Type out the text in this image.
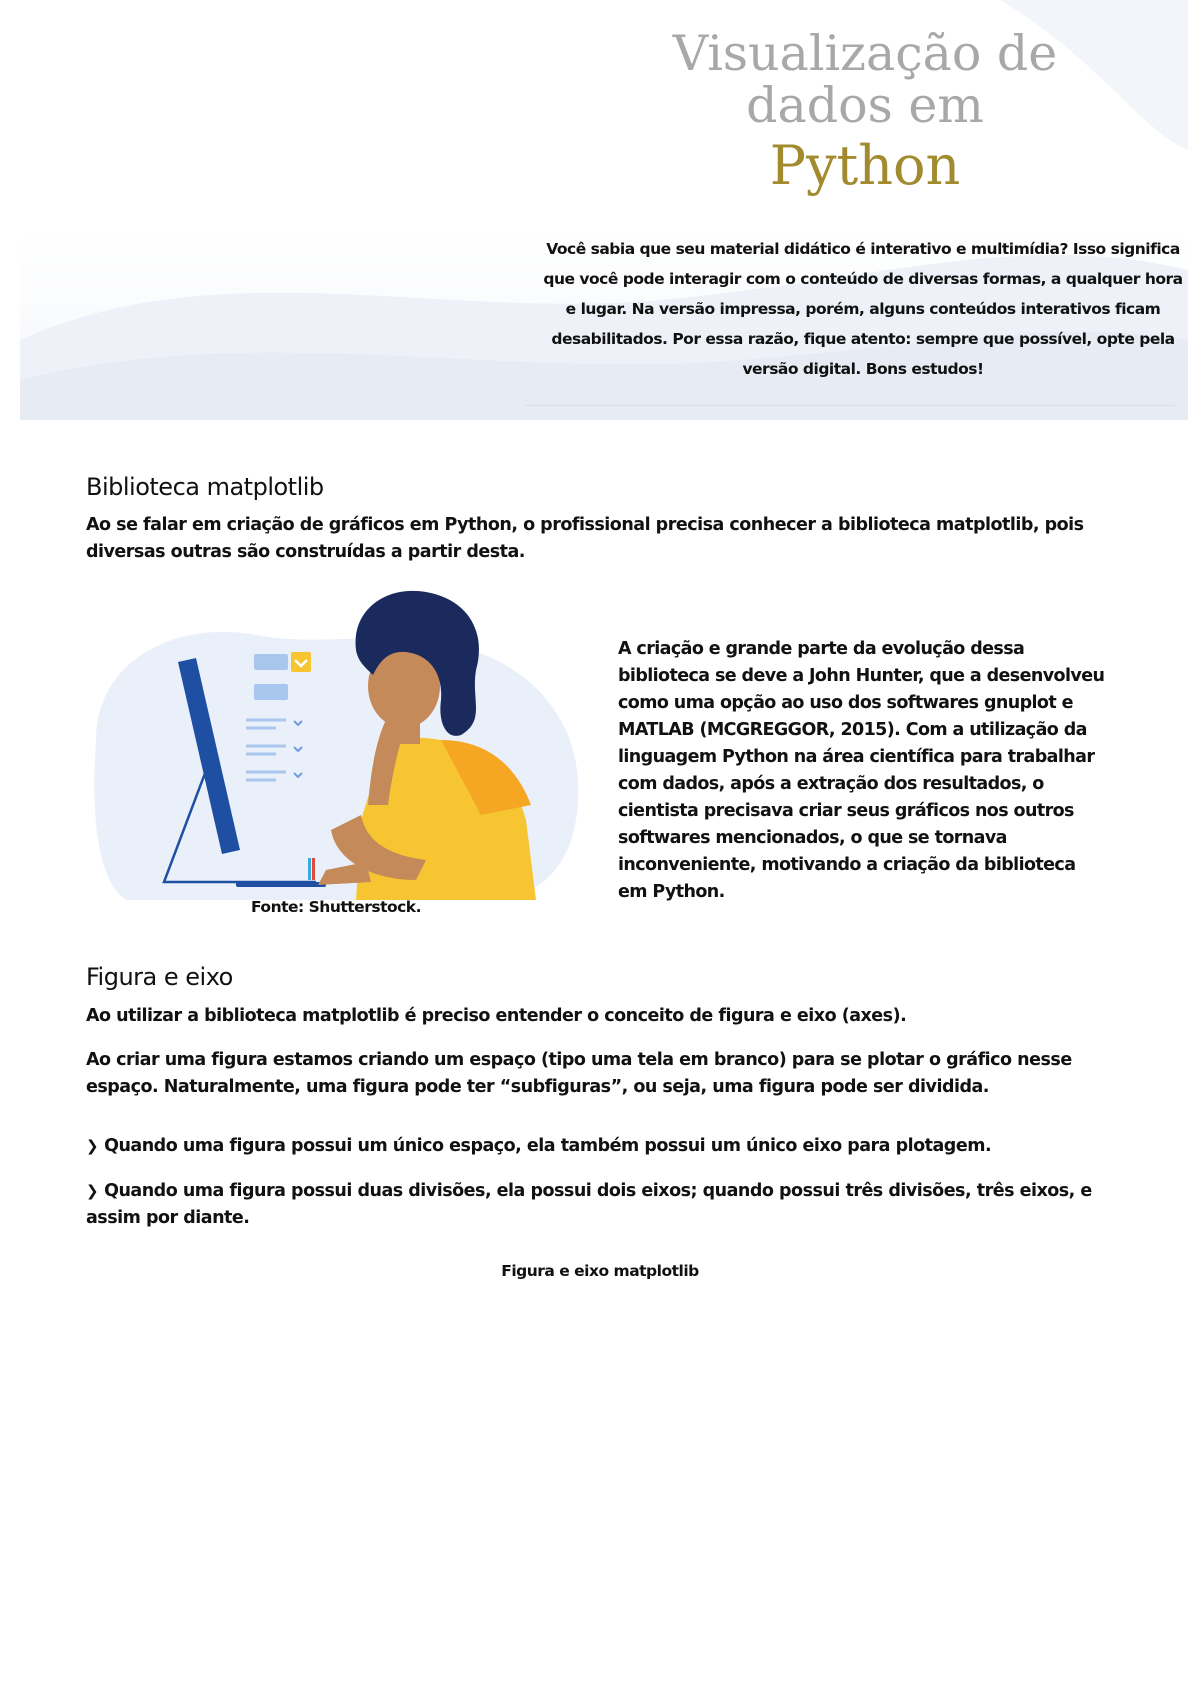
Visualização de
dados em
Python

Você sabia que seu material didático é interativo e multimídia? Isso significa que você pode interagir com o conteúdo de diversas formas, a qualquer hora e lugar. Na versão impressa, porém, alguns conteúdos interativos ficam desabilitados. Por essa razão, fique atento: sempre que possível, opte pela versão digital. Bons estudos!

Biblioteca matplotlib

Ao se falar em criação de gráficos em Python, o profissional precisa conhecer a biblioteca matplotlib, pois diversas outras são construídas a partir desta.

Fonte: Shutterstock.

A criação e grande parte da evolução dessa biblioteca se deve a John Hunter, que a desenvolveu como uma opção ao uso dos softwares gnuplot e MATLAB (MCGREGGOR, 2015). Com a utilização da linguagem Python na área científica para trabalhar com dados, após a extração dos resultados, o cientista precisava criar seus gráficos nos outros softwares mencionados, o que se tornava inconveniente, motivando a criação da biblioteca em Python.

Figura e eixo

Ao utilizar a biblioteca matplotlib é preciso entender o conceito de figura e eixo (axes).

Ao criar uma figura estamos criando um espaço (tipo uma tela em branco) para se plotar o gráfico nesse espaço. Naturalmente, uma figura pode ter “subfiguras”, ou seja, uma figura pode ser dividida.

❯ Quando uma figura possui um único espaço, ela também possui um único eixo para plotagem.

❯ Quando uma figura possui duas divisões, ela possui dois eixos; quando possui três divisões, três eixos, e assim por diante.

Figura e eixo matplotlib
